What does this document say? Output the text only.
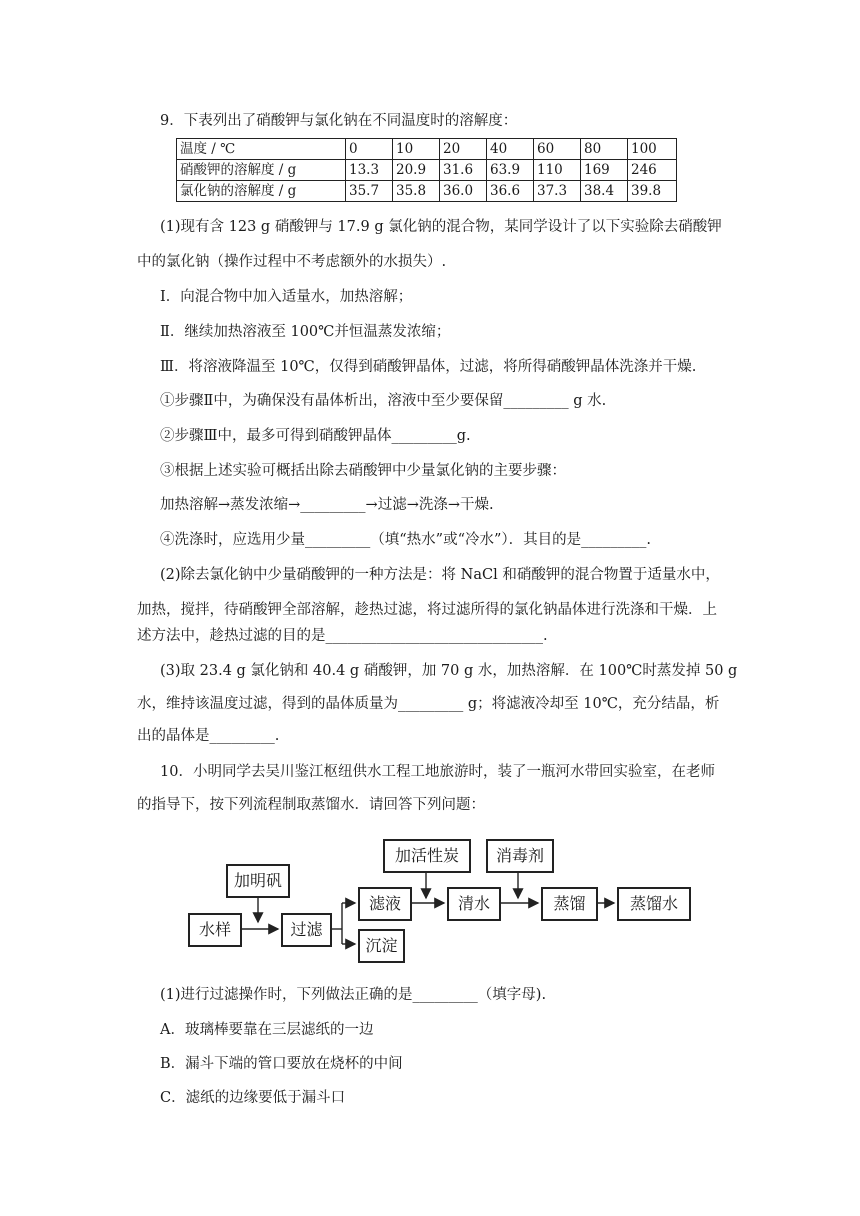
9．下表列出了硝酸钾与氯化钠在不同温度时的溶解度：
温度 / ℃	0	10	20	40	60	80	100
硝酸钾的溶解度 / g	13.3	20.9	31.6	63.9	110	169	246
氯化钠的溶解度 / g	35.7	35.8	36.0	36.6	37.3	38.4	39.8
(1)现有含 123 g 硝酸钾与 17.9 g 氯化钠的混合物，某同学设计了以下实验除去硝酸钾
中的氯化钠（操作过程中不考虑额外的水损失）.
Ⅰ．向混合物中加入适量水，加热溶解；
Ⅱ．继续加热溶液至 100℃并恒温蒸发浓缩；
Ⅲ．将溶液降温至 10℃，仅得到硝酸钾晶体，过滤，将所得硝酸钾晶体洗涤并干燥.
①步骤Ⅱ中，为确保没有晶体析出，溶液中至少要保留_________ g 水.
②步骤Ⅲ中，最多可得到硝酸钾晶体_________g.
③根据上述实验可概括出除去硝酸钾中少量氯化钠的主要步骤：
加热溶解→蒸发浓缩→_________→过滤→洗涤→干燥.
④洗涤时，应选用少量_________（填“热水”或“冷水”）．其目的是_________.
(2)除去氯化钠中少量硝酸钾的一种方法是：将 NaCl 和硝酸钾的混合物置于适量水中，
加热，搅拌，待硝酸钾全部溶解，趁热过滤，将过滤所得的氯化钠晶体进行洗涤和干燥．上
述方法中，趁热过滤的目的是______________________________.
(3)取 23.4 g 氯化钠和 40.4 g 硝酸钾，加 70 g 水，加热溶解．在 100℃时蒸发掉 50 g
水，维持该温度过滤，得到的晶体质量为_________ g；将滤液冷却至 10℃，充分结晶，析
出的晶体是_________.
10．小明同学去吴川鉴江枢纽供水工程工地旅游时，装了一瓶河水带回实验室，在老师
的指导下，按下列流程制取蒸馏水．请回答下列问题：
加明矾
水样	过滤
滤液
沉淀
加活性炭
清水
消毒剂
蒸馏	蒸馏水
(1)进行过滤操作时，下列做法正确的是_________（填字母).
A．玻璃棒要靠在三层滤纸的一边
B．漏斗下端的管口要放在烧杯的中间
C．滤纸的边缘要低于漏斗口
